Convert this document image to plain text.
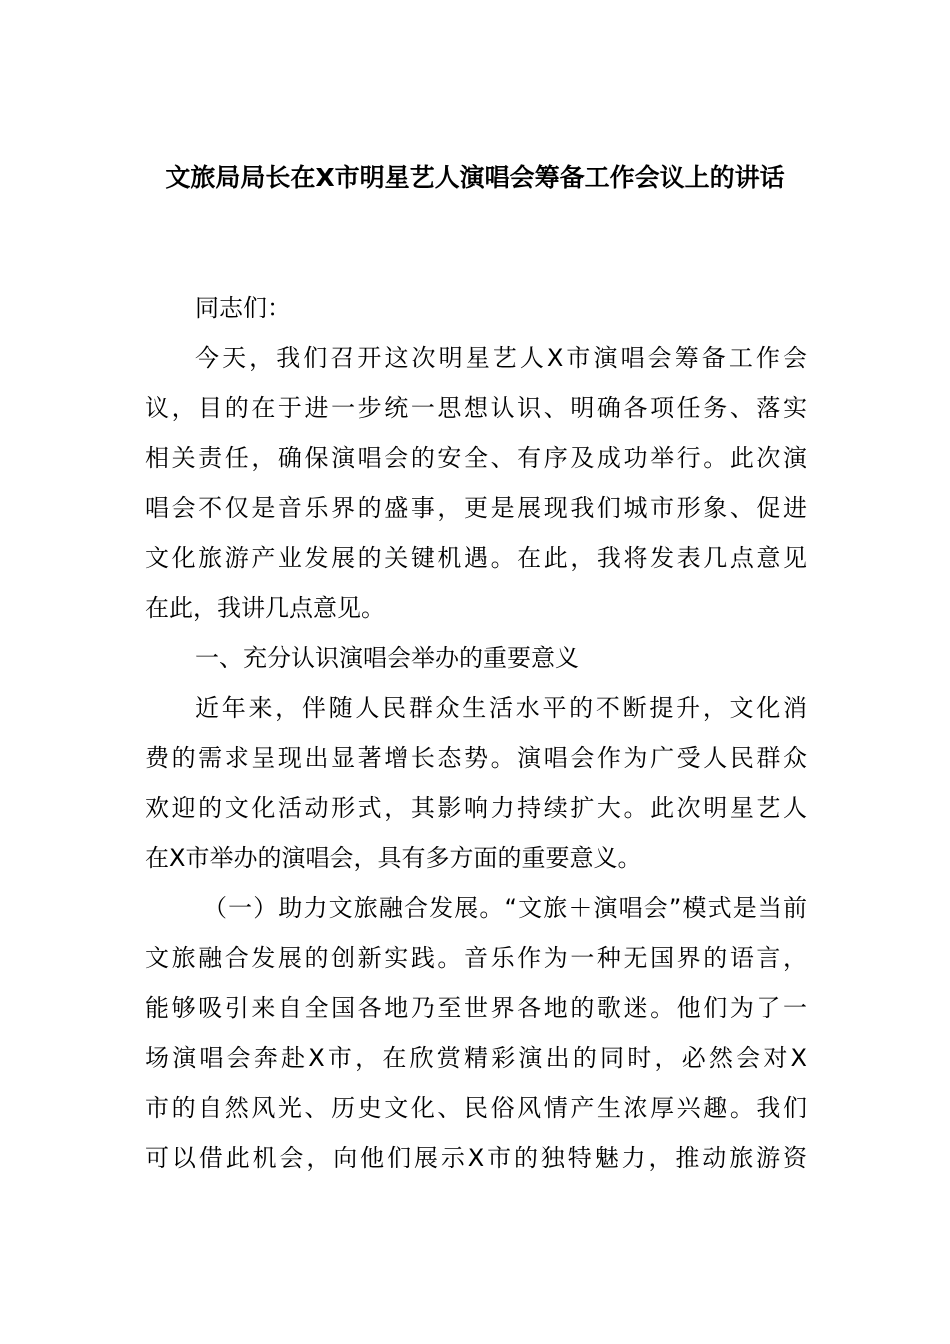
文旅局局长在X市明星艺人演唱会筹备工作会议上的讲话
同志们：
今天，我们召开这次明星艺人X市演唱会筹备工作会
议，目的在于进一步统一思想认识、明确各项任务、落实
相关责任，确保演唱会的安全、有序及成功举行。此次演
唱会不仅是音乐界的盛事，更是展现我们城市形象、促进
文化旅游产业发展的关键机遇。在此，我将发表几点意见
在此，我讲几点意见。
一、充分认识演唱会举办的重要意义
近年来，伴随人民群众生活水平的不断提升，文化消
费的需求呈现出显著增长态势。演唱会作为广受人民群众
欢迎的文化活动形式，其影响力持续扩大。此次明星艺人
在X市举办的演唱会，具有多方面的重要意义。
（一）助力文旅融合发展。“文旅＋演唱会”模式是当前
文旅融合发展的创新实践。音乐作为一种无国界的语言，
能够吸引来自全国各地乃至世界各地的歌迷。他们为了一
场演唱会奔赴X市，在欣赏精彩演出的同时，必然会对X
市的自然风光、历史文化、民俗风情产生浓厚兴趣。我们
可以借此机会，向他们展示X市的独特魅力，推动旅游资
